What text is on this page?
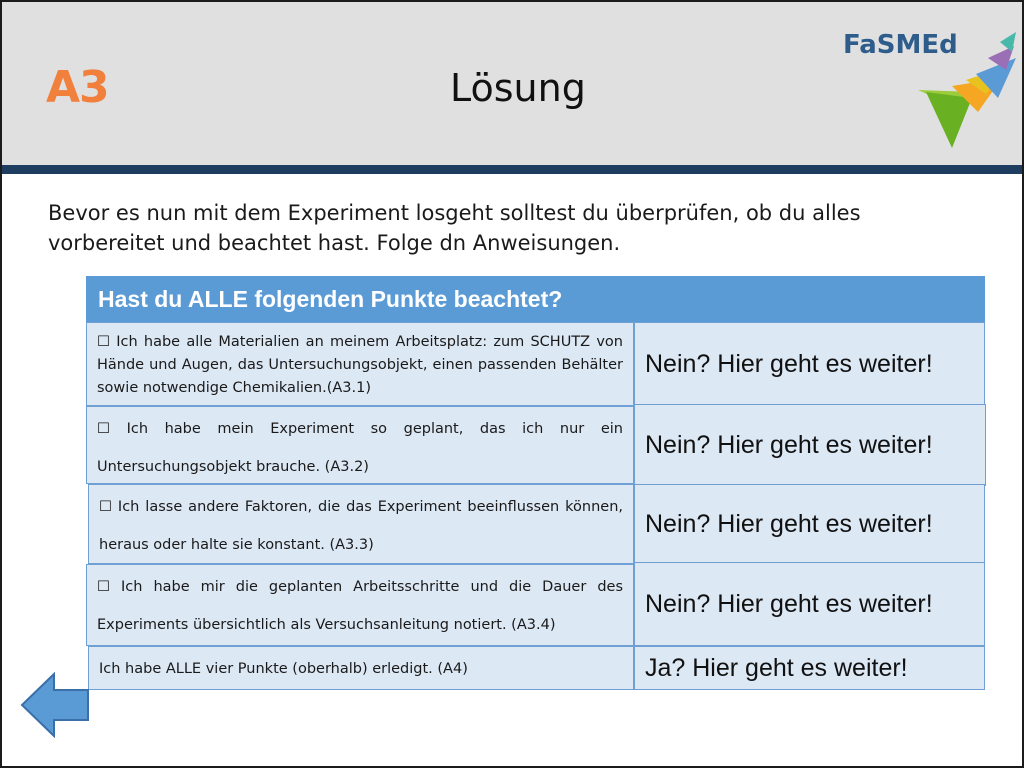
A3	Lösung
FaSMEd
Bevor es nun mit dem Experiment losgeht solltest du überprüfen, ob du alles vorbereitet und beachtet hast. Folge dn Anweisungen.
Hast du ALLE folgenden Punkte beachtet?
☐ Ich habe alle Materialien an meinem Arbeitsplatz: zum SCHUTZ von Hände und Augen, das Untersuchungsobjekt, einen passenden Behälter sowie notwendige Chemikalien.(A3.1)
Nein? Hier geht es weiter!
☐ Ich habe mein Experiment so geplant, das ich nur ein Untersuchungsobjekt brauche. (A3.2)
Nein? Hier geht es weiter!
☐ Ich lasse andere Faktoren, die das Experiment beeinflussen können, heraus oder halte sie konstant. (A3.3)
Nein? Hier geht es weiter!
☐ Ich habe mir die geplanten Arbeitsschritte und die Dauer des Experiments übersichtlich als Versuchsanleitung notiert. (A3.4)
Nein? Hier geht es weiter!
Ich habe ALLE vier Punkte (oberhalb) erledigt. (A4)	Ja? Hier geht es weiter!
